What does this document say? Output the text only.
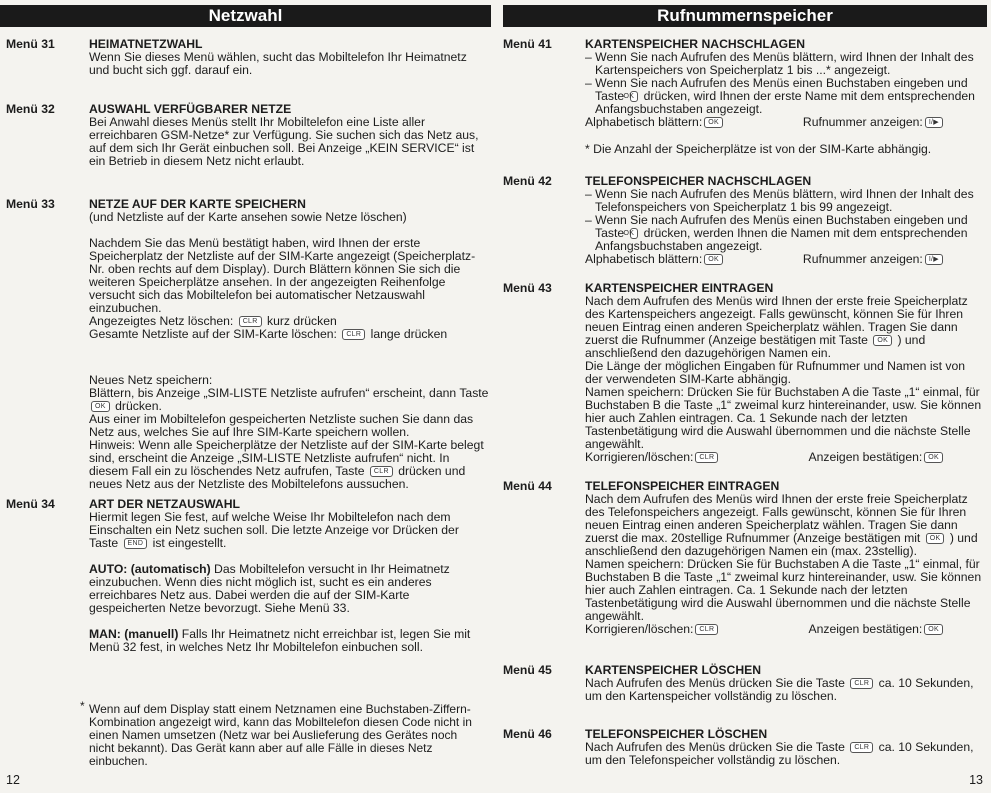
Netzwahl
Menü 31	HEIMATNETZWAHL

Wenn Sie dieses Menü wählen, sucht das Mobiltelefon Ihr Heimatnetz und bucht sich ggf. darauf ein.

Menü 32	AUSWAHL VERFÜGBARER NETZE

Bei Anwahl dieses Menüs stellt Ihr Mobiltelefon eine Liste aller erreichbaren GSM-Netze* zur Verfügung. Sie suchen sich das Netz aus, auf dem sich Ihr Gerät einbuchen soll. Bei Anzeige „KEIN SERVICE“ ist ein Betrieb in diesem Netz nicht erlaubt.

Menü 33	NETZE AUF DER KARTE SPEICHERN

(und Netzliste auf der Karte ansehen sowie Netze löschen)

Nachdem Sie das Menü bestätigt haben, wird Ihnen der erste Speicherplatz der Netzliste auf der SIM-Karte angezeigt (Speicherplatz-Nr. oben rechts auf dem Display). Durch Blättern können Sie sich die weiteren Speicherplätze ansehen. In der angezeigten Reihenfolge versucht sich das Mobiltelefon bei automatischer Netzauswahl einzubuchen.

Angezeigtes Netz löschen: CLR kurz drücken

Gesamte Netzliste auf der SIM-Karte löschen: CLR lange drücken

Neues Netz speichern:

Blättern, bis Anzeige „SIM-LISTE Netzliste aufrufen“ erscheint, dann Taste OK drücken.

Aus einer im Mobiltelefon gespeicherten Netzliste suchen Sie dann das Netz aus, welches Sie auf Ihre SIM-Karte speichern wollen.

Hinweis: Wenn alle Speicherplätze der Netzliste auf der SIM-Karte belegt sind, erscheint die Anzeige „SIM-LISTE Netzliste aufrufen“ nicht. In diesem Fall ein zu löschendes Netz aufrufen, Taste CLR drücken und neues Netz aus der Netzliste des Mobiltelefons aussuchen.

Menü 34	ART DER NETZAUSWAHL

Hiermit legen Sie fest, auf welche Weise Ihr Mobiltelefon nach dem Einschalten ein Netz suchen soll. Die letzte Anzeige vor Drücken der Taste END ist eingestellt.

AUTO: (automatisch) Das Mobiltelefon versucht in Ihr Heimatnetz einzubuchen. Wenn dies nicht möglich ist, sucht es ein anderes erreichbares Netz aus. Dabei werden die auf der SIM-Karte gespeicherten Netze bevorzugt. Siehe Menü 33.

MAN: (manuell) Falls Ihr Heimatnetz nicht erreichbar ist, legen Sie mit Menü 32 fest, in welches Netz Ihr Mobiltelefon einbuchen soll.

* Wenn auf dem Display statt einem Netznamen eine Buchstaben-Ziffern-Kombination angezeigt wird, kann das Mobiltelefon diesen Code nicht in einen Namen umsetzen (Netz war bei Auslieferung des Gerätes noch nicht bekannt). Das Gerät kann aber auf alle Fälle in dieses Netz einbuchen.

12
Rufnummernspeicher
Menü 41	KARTENSPEICHER NACHSCHLAGEN

– Wenn Sie nach Aufrufen des Menüs blättern, wird Ihnen der Inhalt des Kartenspeichers von Speicherplatz 1 bis ...* angezeigt.

– Wenn Sie nach Aufrufen des Menüs einen Buchstaben eingeben und Taste OK drücken, wird Ihnen der erste Name mit dem entsprechenden Anfangsbuchstaben angezeigt.

Alphabetisch blättern: OK	Rufnummer anzeigen: I/▶

* Die Anzahl der Speicherplätze ist von der SIM-Karte abhängig.

Menü 42	TELEFONSPEICHER NACHSCHLAGEN

– Wenn Sie nach Aufrufen des Menüs blättern, wird Ihnen der Inhalt des Telefonspeichers von Speicherplatz 1 bis 99 angezeigt.

– Wenn Sie nach Aufrufen des Menüs einen Buchstaben eingeben und Taste OK drücken, werden Ihnen die Namen mit dem entsprechenden Anfangsbuchstaben angezeigt.

Alphabetisch blättern: OK	Rufnummer anzeigen: I/▶
Menü 43	KARTENSPEICHER EINTRAGEN

Nach dem Aufrufen des Menüs wird Ihnen der erste freie Speicherplatz des Kartenspeichers angezeigt. Falls gewünscht, können Sie für Ihren neuen Eintrag einen anderen Speicherplatz wählen. Tragen Sie dann zuerst die Rufnummer (Anzeige bestätigen mit Taste OK ) und anschließend den dazugehörigen Namen ein.

Die Länge der möglichen Eingaben für Rufnummer und Namen ist von der verwendeten SIM-Karte abhängig.

Namen speichern: Drücken Sie für Buchstaben A die Taste „1“ einmal, für Buchstaben B die Taste „1“ zweimal kurz hintereinander, usw. Sie können hier auch Zahlen eintragen. Ca. 1 Sekunde nach der letzten Tastenbetätigung wird die Auswahl übernommen und die nächste Stelle angewählt.

Korrigieren/löschen: CLR	Anzeigen bestätigen: OK
Menü 44	TELEFONSPEICHER EINTRAGEN

Nach dem Aufrufen des Menüs wird Ihnen der erste freie Speicherplatz des Telefonspeichers angezeigt. Falls gewünscht, können Sie für Ihren neuen Eintrag einen anderen Speicherplatz wählen. Tragen Sie dann zuerst die max. 20stellige Rufnummer (Anzeige bestätigen mit OK ) und anschließend den dazugehörigen Namen ein (max. 23stellig).

Namen speichern: Drücken Sie für Buchstaben A die Taste „1“ einmal, für Buchstaben B die Taste „1“ zweimal kurz hintereinander, usw. Sie können hier auch Zahlen eintragen. Ca. 1 Sekunde nach der letzten Tastenbetätigung wird die Auswahl übernommen und die nächste Stelle angewählt.

Korrigieren/löschen: CLR	Anzeigen bestätigen: OK
Menü 45	KARTENSPEICHER LÖSCHEN

Nach Aufrufen des Menüs drücken Sie die Taste CLR ca. 10 Sekunden, um den Kartenspeicher vollständig zu löschen.

Menü 46	TELEFONSPEICHER LÖSCHEN

Nach Aufrufen des Menüs drücken Sie die Taste CLR ca. 10 Sekunden, um den Telefonspeicher vollständig zu löschen.

13
